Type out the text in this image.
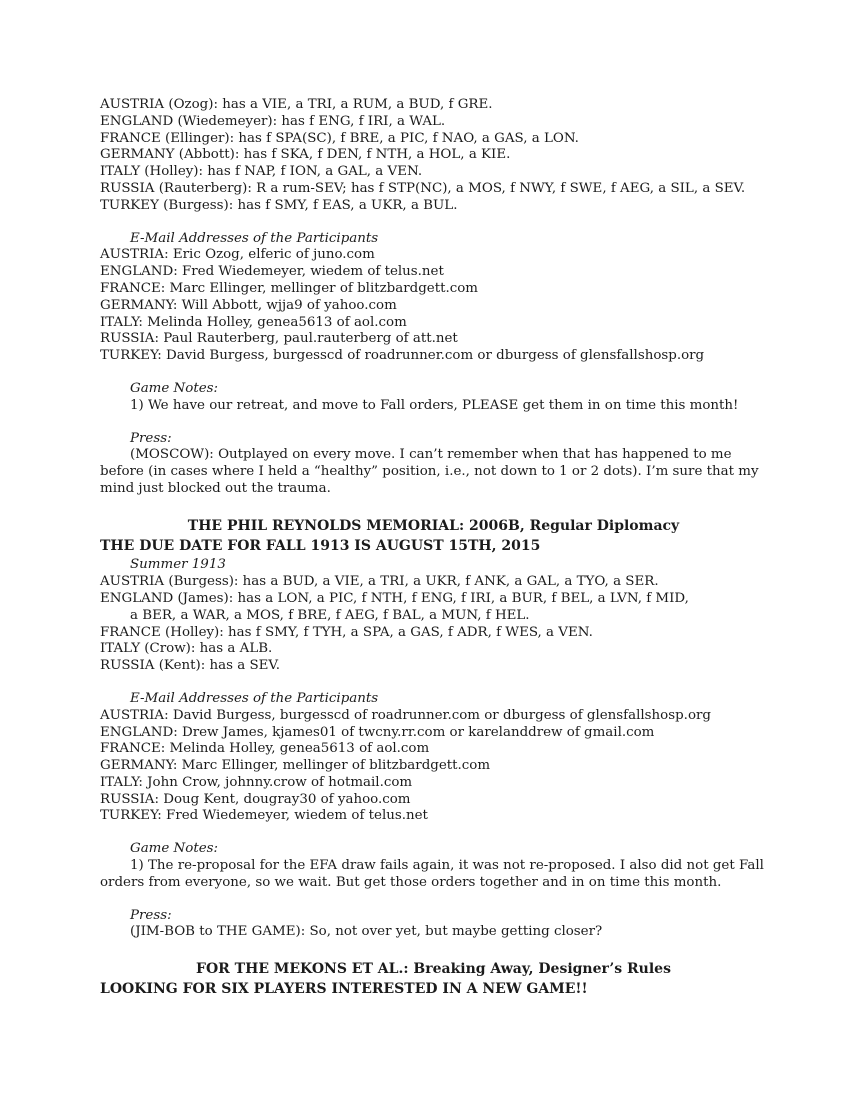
AUSTRIA (Ozog): has a VIE, a TRI, a RUM, a BUD, f GRE.
ENGLAND (Wiedemeyer): has f ENG, f IRI, a WAL.
FRANCE (Ellinger): has f SPA(SC), f BRE, a PIC, f NAO, a GAS, a LON.
GERMANY (Abbott): has f SKA, f DEN, f NTH, a HOL, a KIE.
ITALY (Holley): has f NAP, f ION, a GAL, a VEN.
RUSSIA (Rauterberg): R a rum-SEV; has f STP(NC), a MOS, f NWY, f SWE, f AEG, a SIL, a SEV.
TURKEY (Burgess): has f SMY, f EAS, a UKR, a BUL.
E-Mail Addresses of the Participants
AUSTRIA: Eric Ozog, elferic of juno.com
ENGLAND: Fred Wiedemeyer, wiedem of telus.net
FRANCE: Marc Ellinger, mellinger of blitzbardgett.com
GERMANY: Will Abbott, wjja9 of yahoo.com
ITALY: Melinda Holley, genea5613 of aol.com
RUSSIA: Paul Rauterberg, paul.rauterberg of att.net
TURKEY: David Burgess, burgesscd of roadrunner.com or dburgess of glensfallshosp.org
Game Notes:

1) We have our retreat, and move to Fall orders, PLEASE get them in on time this month!

Press:

(MOSCOW): Outplayed on every move. I can’t remember when that has happened to me before (in cases where I held a “healthy” position, i.e., not down to 1 or 2 dots). I’m sure that my mind just blocked out the trauma.

THE PHIL REYNOLDS MEMORIAL: 2006B, Regular Diplomacy
THE DUE DATE FOR FALL 1913 IS AUGUST 15TH, 2015
Summer 1913
AUSTRIA (Burgess): has a BUD, a VIE, a TRI, a UKR, f ANK, a GAL, a TYO, a SER.
ENGLAND (James): has a LON, a PIC, f NTH, f ENG, f IRI, a BUR, f BEL, a LVN, f MID,
a BER, a WAR, a MOS, f BRE, f AEG, f BAL, a MUN, f HEL.
FRANCE (Holley): has f SMY, f TYH, a SPA, a GAS, f ADR, f WES, a VEN.
ITALY (Crow): has a ALB.
RUSSIA (Kent): has a SEV.
E-Mail Addresses of the Participants
AUSTRIA: David Burgess, burgesscd of roadrunner.com or dburgess of glensfallshosp.org
ENGLAND: Drew James, kjames01 of twcny.rr.com or karelanddrew of gmail.com
FRANCE: Melinda Holley, genea5613 of aol.com
GERMANY: Marc Ellinger, mellinger of blitzbardgett.com
ITALY: John Crow, johnny.crow of hotmail.com
RUSSIA: Doug Kent, dougray30 of yahoo.com
TURKEY: Fred Wiedemeyer, wiedem of telus.net
Game Notes:

1) The re-proposal for the EFA draw fails again, it was not re-proposed. I also did not get Fall orders from everyone, so we wait. But get those orders together and in on time this month.

Press:

(JIM-BOB to THE GAME): So, not over yet, but maybe getting closer?

FOR THE MEKONS ET AL.: Breaking Away, Designer’s Rules
LOOKING FOR SIX PLAYERS INTERESTED IN A NEW GAME!!
